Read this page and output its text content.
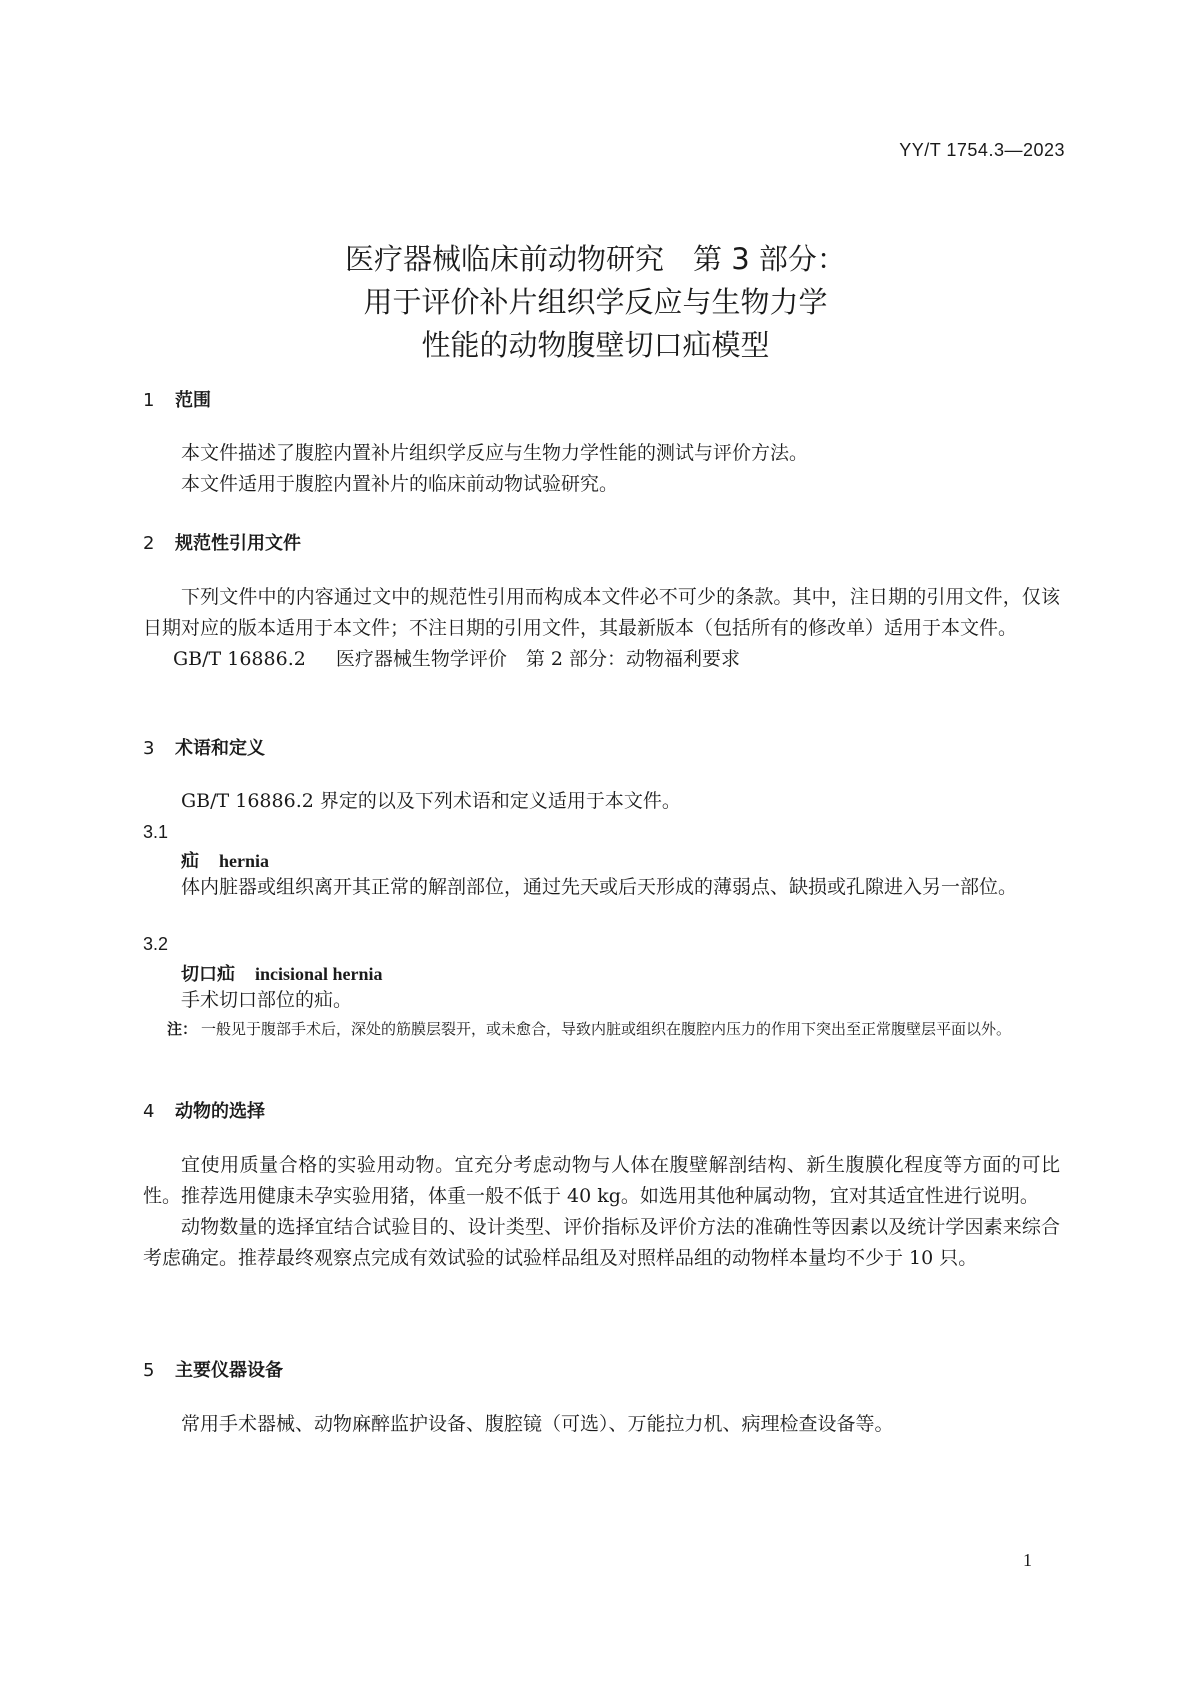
YY/T 1754.3—2023
医疗器械临床前动物研究　第 3 部分：
用于评价补片组织学反应与生物力学
性能的动物腹壁切口疝模型
1 范围

本文件描述了腹腔内置补片组织学反应与生物力学性能的测试与评价方法。

本文件适用于腹腔内置补片的临床前动物试验研究。

2 规范性引用文件

下列文件中的内容通过文中的规范性引用而构成本文件必不可少的条款。其中，注日期的引用文件，仅该日期对应的版本适用于本文件；不注日期的引用文件，其最新版本（包括所有的修改单）适用于本文件。

GB/T 16886.2 医疗器械生物学评价　第 2 部分：动物福利要求
3 术语和定义

GB/T 16886.2 界定的以及下列术语和定义适用于本文件。

3.1
疝 hernia

体内脏器或组织离开其正常的解剖部位，通过先天或后天形成的薄弱点、缺损或孔隙进入另一部位。

3.2
切口疝 incisional hernia

手术切口部位的疝。

注： 一般见于腹部手术后，深处的筋膜层裂开，或未愈合，导致内脏或组织在腹腔内压力的作用下突出至正常腹壁层平面以外。
4 动物的选择

宜使用质量合格的实验用动物。宜充分考虑动物与人体在腹壁解剖结构、新生腹膜化程度等方面的可比性。推荐选用健康未孕实验用猪，体重一般不低于 40 kg。如选用其他种属动物，宜对其适宜性进行说明。

动物数量的选择宜结合试验目的、设计类型、评价指标及评价方法的准确性等因素以及统计学因素来综合考虑确定。推荐最终观察点完成有效试验的试验样品组及对照样品组的动物样本量均不少于 10 只。

5 主要仪器设备

常用手术器械、动物麻醉监护设备、腹腔镜（可选）、万能拉力机、病理检查设备等。

1
